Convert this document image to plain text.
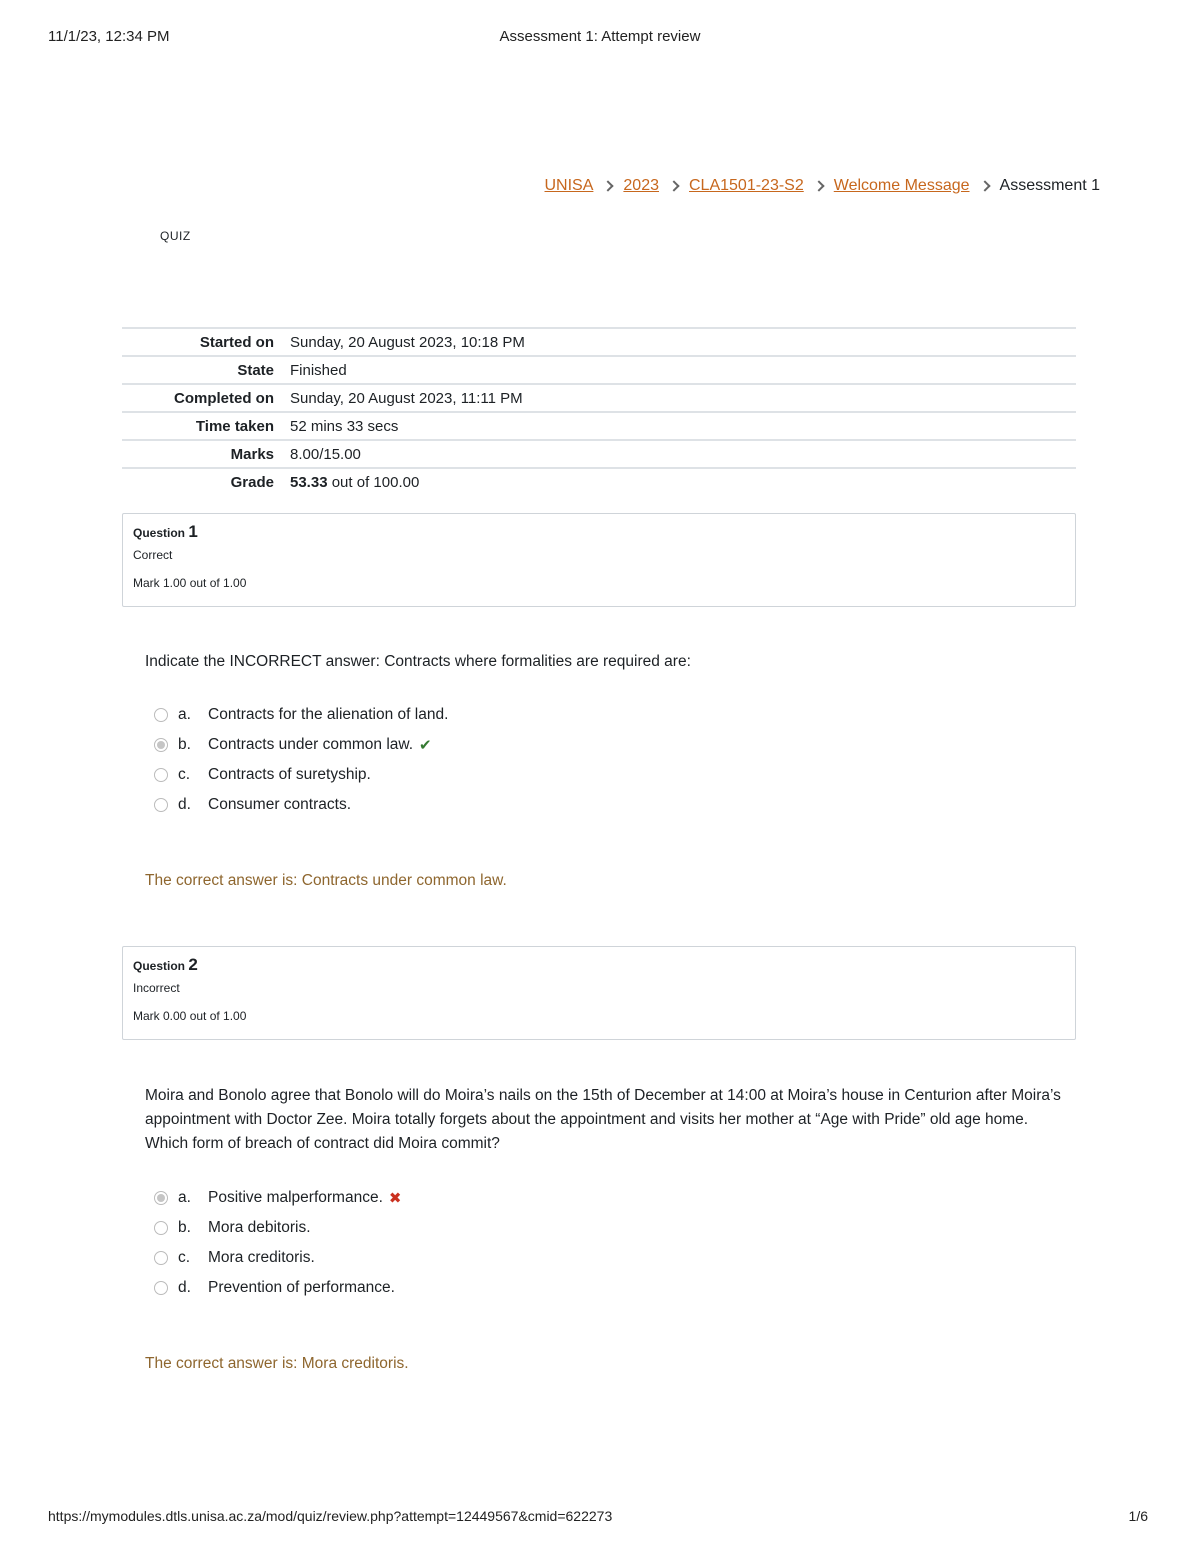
11/1/23, 12:34 PM	Assessment 1: Attempt review
UNISA 2023 CLA1501-23-S2 Welcome Message Assessment 1
QUIZ
Started on	Sunday, 20 August 2023, 10:18 PM
State	Finished
Completed on	Sunday, 20 August 2023, 11:11 PM
Time taken	52 mins 33 secs
Marks	8.00/15.00
Grade	53.33 out of 100.00
Question 1
Correct
Mark 1.00 out of 1.00
Indicate the INCORRECT answer: Contracts where formalities are required are:
a.	Contracts for the alienation of land.
b.	Contracts under common law. ✔
c.	Contracts of suretyship.
d.	Consumer contracts.
The correct answer is: Contracts under common law.
Question 2
Incorrect
Mark 0.00 out of 1.00
Moira and Bonolo agree that Bonolo will do Moira’s nails on the 15th of December at 14:00 at Moira’s house in Centurion after Moira’s appointment with Doctor Zee. Moira totally forgets about the appointment and visits her mother at “Age with Pride” old age home. Which form of breach of contract did Moira commit?
a.	Positive malperformance. ✖
b.	Mora debitoris.
c.	Mora creditoris.
d.	Prevention of performance.
The correct answer is: Mora creditoris.
https://mymodules.dtls.unisa.ac.za/mod/quiz/review.php?attempt=12449567&cmid=622273	1/6
